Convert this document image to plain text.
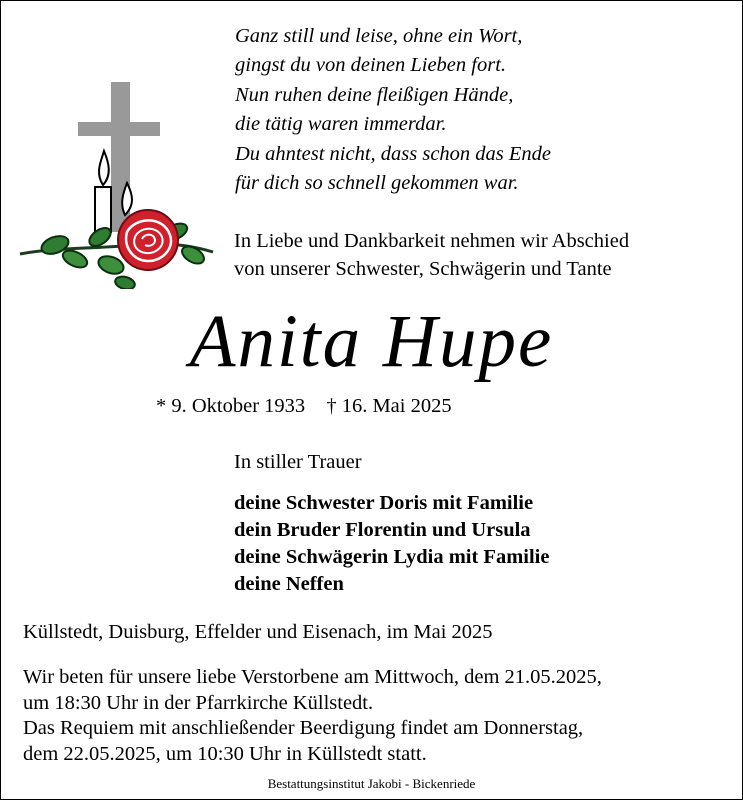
Ganz still und leise, ohne ein Wort,
gingst du von deinen Lieben fort.
Nun ruhen deine fleißigen Hände,
die tätig waren immerdar.
Du ahntest nicht, dass schon das Ende
für dich so schnell gekommen war.
In Liebe und Dankbarkeit nehmen wir Abschied
von unserer Schwester, Schwägerin und Tante
Anita Hupe
* 9. Oktober 1933 † 16. Mai 2025
In stiller Trauer
deine Schwester Doris mit Familie
dein Bruder Florentin und Ursula
deine Schwägerin Lydia mit Familie
deine Neffen
Küllstedt, Duisburg, Effelder und Eisenach, im Mai 2025
Wir beten für unsere liebe Verstorbene am Mittwoch, dem 21.05.2025,
um 18:30 Uhr in der Pfarrkirche Küllstedt.
Das Requiem mit anschließender Beerdigung findet am Donnerstag,
dem 22.05.2025, um 10:30 Uhr in Küllstedt statt.
Bestattungsinstitut Jakobi - Bickenriede
